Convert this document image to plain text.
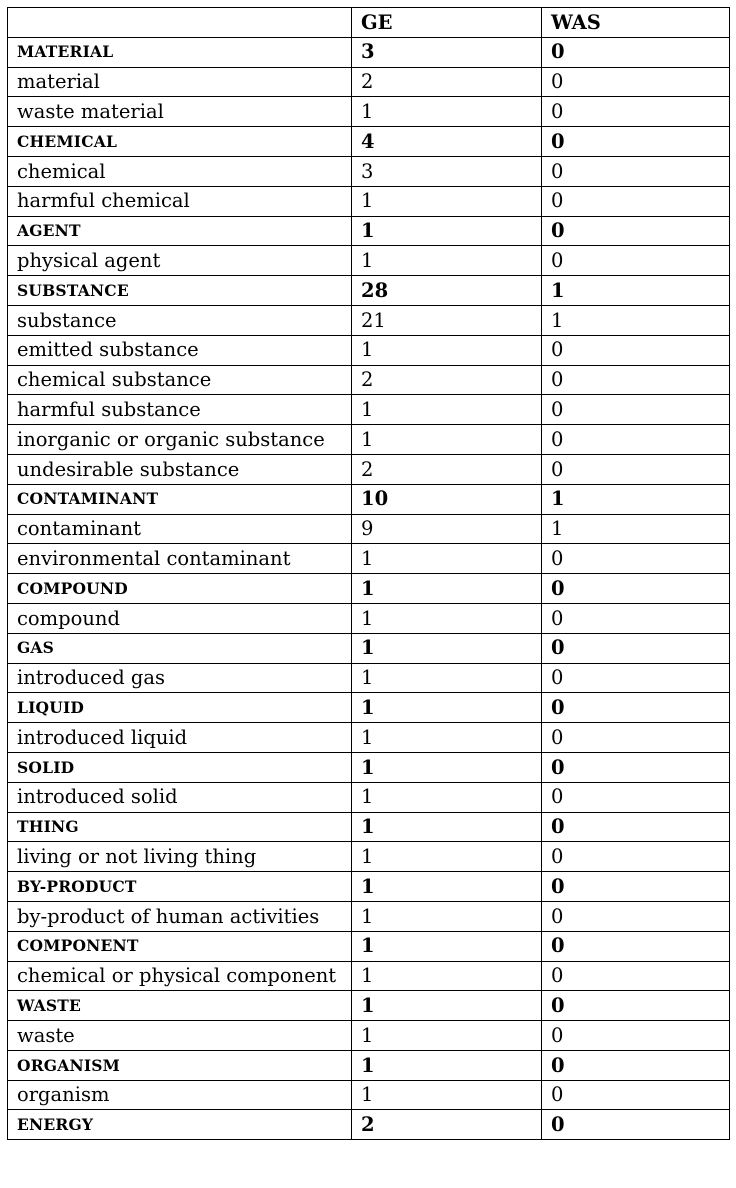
	GE	WAS
MATERIAL	3	0
material	2	0
waste material	1	0
CHEMICAL	4	0
chemical	3	0
harmful chemical	1	0
AGENT	1	0
physical agent	1	0
SUBSTANCE	28	1
substance	21	1
emitted substance	1	0
chemical substance	2	0
harmful substance	1	0
inorganic or organic substance	1	0
undesirable substance	2	0
CONTAMINANT	10	1
contaminant	9	1
environmental contaminant	1	0
COMPOUND	1	0
compound	1	0
GAS	1	0
introduced gas	1	0
LIQUID	1	0
introduced liquid	1	0
SOLID	1	0
introduced solid	1	0
THING	1	0
living or not living thing	1	0
BY-PRODUCT	1	0
by-product of human activities	1	0
COMPONENT	1	0
chemical or physical component	1	0
WASTE	1	0
waste	1	0
ORGANISM	1	0
organism	1	0
ENERGY	2	0
